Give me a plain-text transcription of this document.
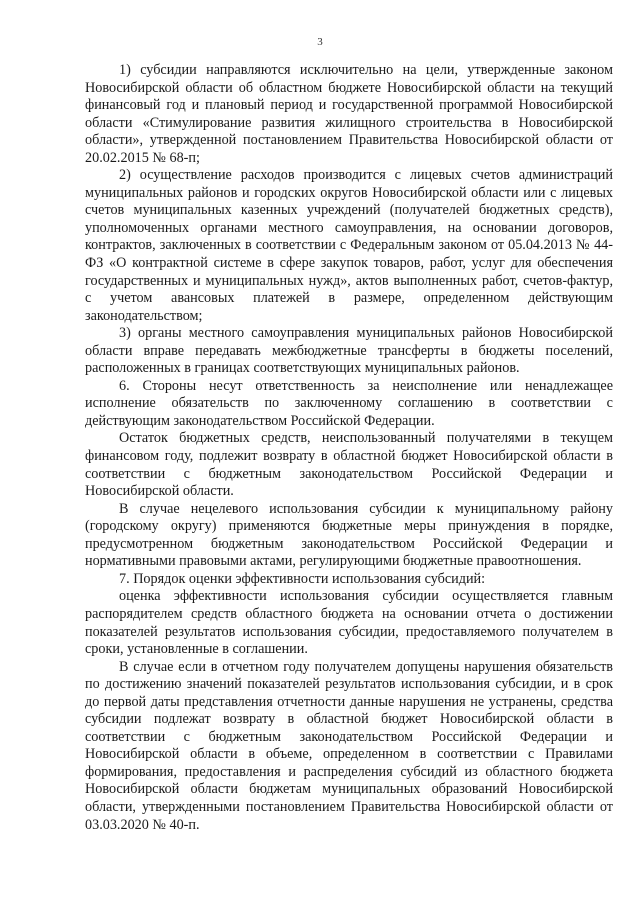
3

1) субсидии направляются исключительно на цели, утвержденные законом Новосибирской области об областном бюджете Новосибирской области на текущий финансовый год и плановый период и государственной программой Новосибирской области «Стимулирование развития жилищного строительства в Новосибирской области», утвержденной постановлением Правительства Новосибирской области от 20.02.2015 № 68-п;

2) осуществление расходов производится с лицевых счетов администраций муниципальных районов и городских округов Новосибирской области или с лицевых счетов муниципальных казенных учреждений (получателей бюджетных средств), уполномоченных органами местного самоуправления, на основании договоров, контрактов, заключенных в соответствии с Федеральным законом от 05.04.2013 № 44-ФЗ «О контрактной системе в сфере закупок товаров, работ, услуг для обеспечения государственных и муниципальных нужд», актов выполненных работ, счетов-фактур, с учетом авансовых платежей в размере, определенном действующим законодательством;

3) органы местного самоуправления муниципальных районов Новосибирской области вправе передавать межбюджетные трансферты в бюджеты поселений, расположенных в границах соответствующих муниципальных районов.

6. Стороны несут ответственность за неисполнение или ненадлежащее исполнение обязательств по заключенному соглашению в соответствии с действующим законодательством Российской Федерации.

Остаток бюджетных средств, неиспользованный получателями в текущем финансовом году, подлежит возврату в областной бюджет Новосибирской области в соответствии с бюджетным законодательством Российской Федерации и Новосибирской области.

В случае нецелевого использования субсидии к муниципальному району (городскому округу) применяются бюджетные меры принуждения в порядке, предусмотренном бюджетным законодательством Российской Федерации и нормативными правовыми актами, регулирующими бюджетные правоотношения.

7. Порядок оценки эффективности использования субсидий:

оценка эффективности использования субсидии осуществляется главным распорядителем средств областного бюджета на основании отчета о достижении показателей результатов использования субсидии, предоставляемого получателем в сроки, установленные в соглашении.

В случае если в отчетном году получателем допущены нарушения обязательств по достижению значений показателей результатов использования субсидии, и в срок до первой даты представления отчетности данные нарушения не устранены, средства субсидии подлежат возврату в областной бюджет Новосибирской области в соответствии с бюджетным законодательством Российской Федерации и Новосибирской области в объеме, определенном в соответствии с Правилами формирования, предоставления и распределения субсидий из областного бюджета Новосибирской области бюджетам муниципальных образований Новосибирской области, утвержденными постановлением Правительства Новосибирской области от 03.03.2020 № 40-п.
